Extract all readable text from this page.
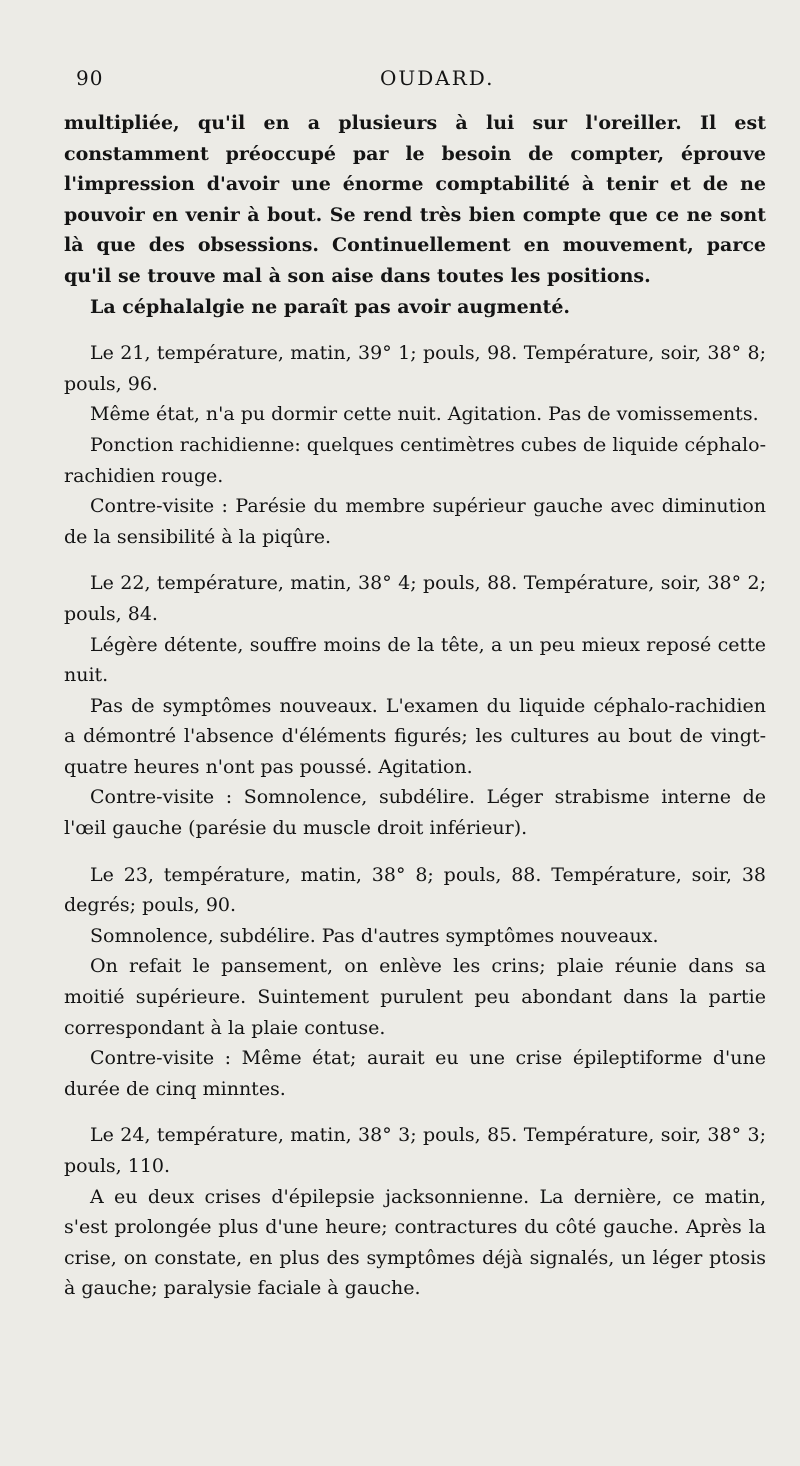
90	OUDARD.

multipliée, qu'il en a plusieurs à lui sur l'oreiller. Il est constamment préoccupé par le besoin de compter, éprouve l'impression d'avoir une énorme comptabilité à tenir et de ne pouvoir en venir à bout. Se rend très bien compte que ce ne sont là que des obsessions. Continuellement en mouvement, parce qu'il se trouve mal à son aise dans toutes les positions.

La céphalalgie ne paraît pas avoir augmenté.

Le 21, température, matin, 39° 1; pouls, 98. Température, soir, 38° 8; pouls, 96.

Même état, n'a pu dormir cette nuit. Agitation. Pas de vomissements.

Ponction rachidienne: quelques centimètres cubes de liquide céphalo-rachidien rouge.

Contre-visite : Parésie du membre supérieur gauche avec diminution de la sensibilité à la piqûre.

Le 22, température, matin, 38° 4; pouls, 88. Température, soir, 38° 2; pouls, 84.

Légère détente, souffre moins de la tête, a un peu mieux reposé cette nuit.

Pas de symptômes nouveaux. L'examen du liquide céphalo-rachidien a démontré l'absence d'éléments figurés; les cultures au bout de vingt-quatre heures n'ont pas poussé. Agitation.

Contre-visite : Somnolence, subdélire. Léger strabisme interne de l'œil gauche (parésie du muscle droit inférieur).

Le 23, température, matin, 38° 8; pouls, 88. Température, soir, 38 degrés; pouls, 90.

Somnolence, subdélire. Pas d'autres symptômes nouveaux.

On refait le pansement, on enlève les crins; plaie réunie dans sa moitié supérieure. Suintement purulent peu abondant dans la partie correspondant à la plaie contuse.

Contre-visite : Même état; aurait eu une crise épileptiforme d'une durée de cinq minntes.

Le 24, température, matin, 38° 3; pouls, 85. Température, soir, 38° 3; pouls, 110.

A eu deux crises d'épilepsie jacksonnienne. La dernière, ce matin, s'est prolongée plus d'une heure; contractures du côté gauche. Après la crise, on constate, en plus des symptômes déjà signalés, un léger ptosis à gauche; paralysie faciale à gauche.
